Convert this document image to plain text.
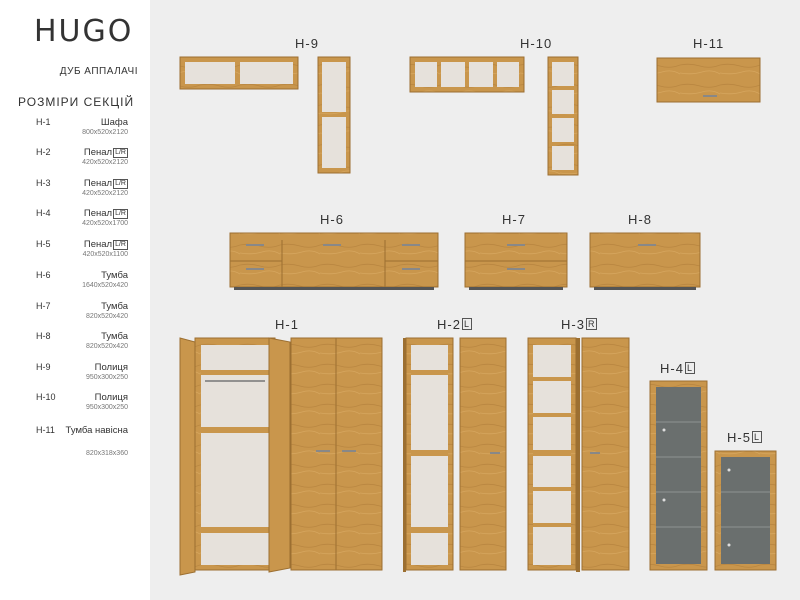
HUGO
ДУБ АППАЛАЧІ
РОЗМІРИ СЕКЦІЙ
H-1	Шафа
800x520x2120
H-2	Пенал L/R
420x520x2120
H-3	Пенал L/R
420x520x2120
H-4	Пенал L/R
420x520x1700
H-5	Пенал L/R
420x520x1100
H-6	Тумба
1640x520x420
H-7	Тумба
820x520x420
H-8	Тумба
820x520x420
H-9	Полиця
950x300x250
H-10	Полиця
950x300x250
H-11 Тумба навісна
820x318x360
H-9	H-10	H-11
H-6	H-7	H-8
H-1	H-2 L	H-3 R
H-4 L
H-5 L
